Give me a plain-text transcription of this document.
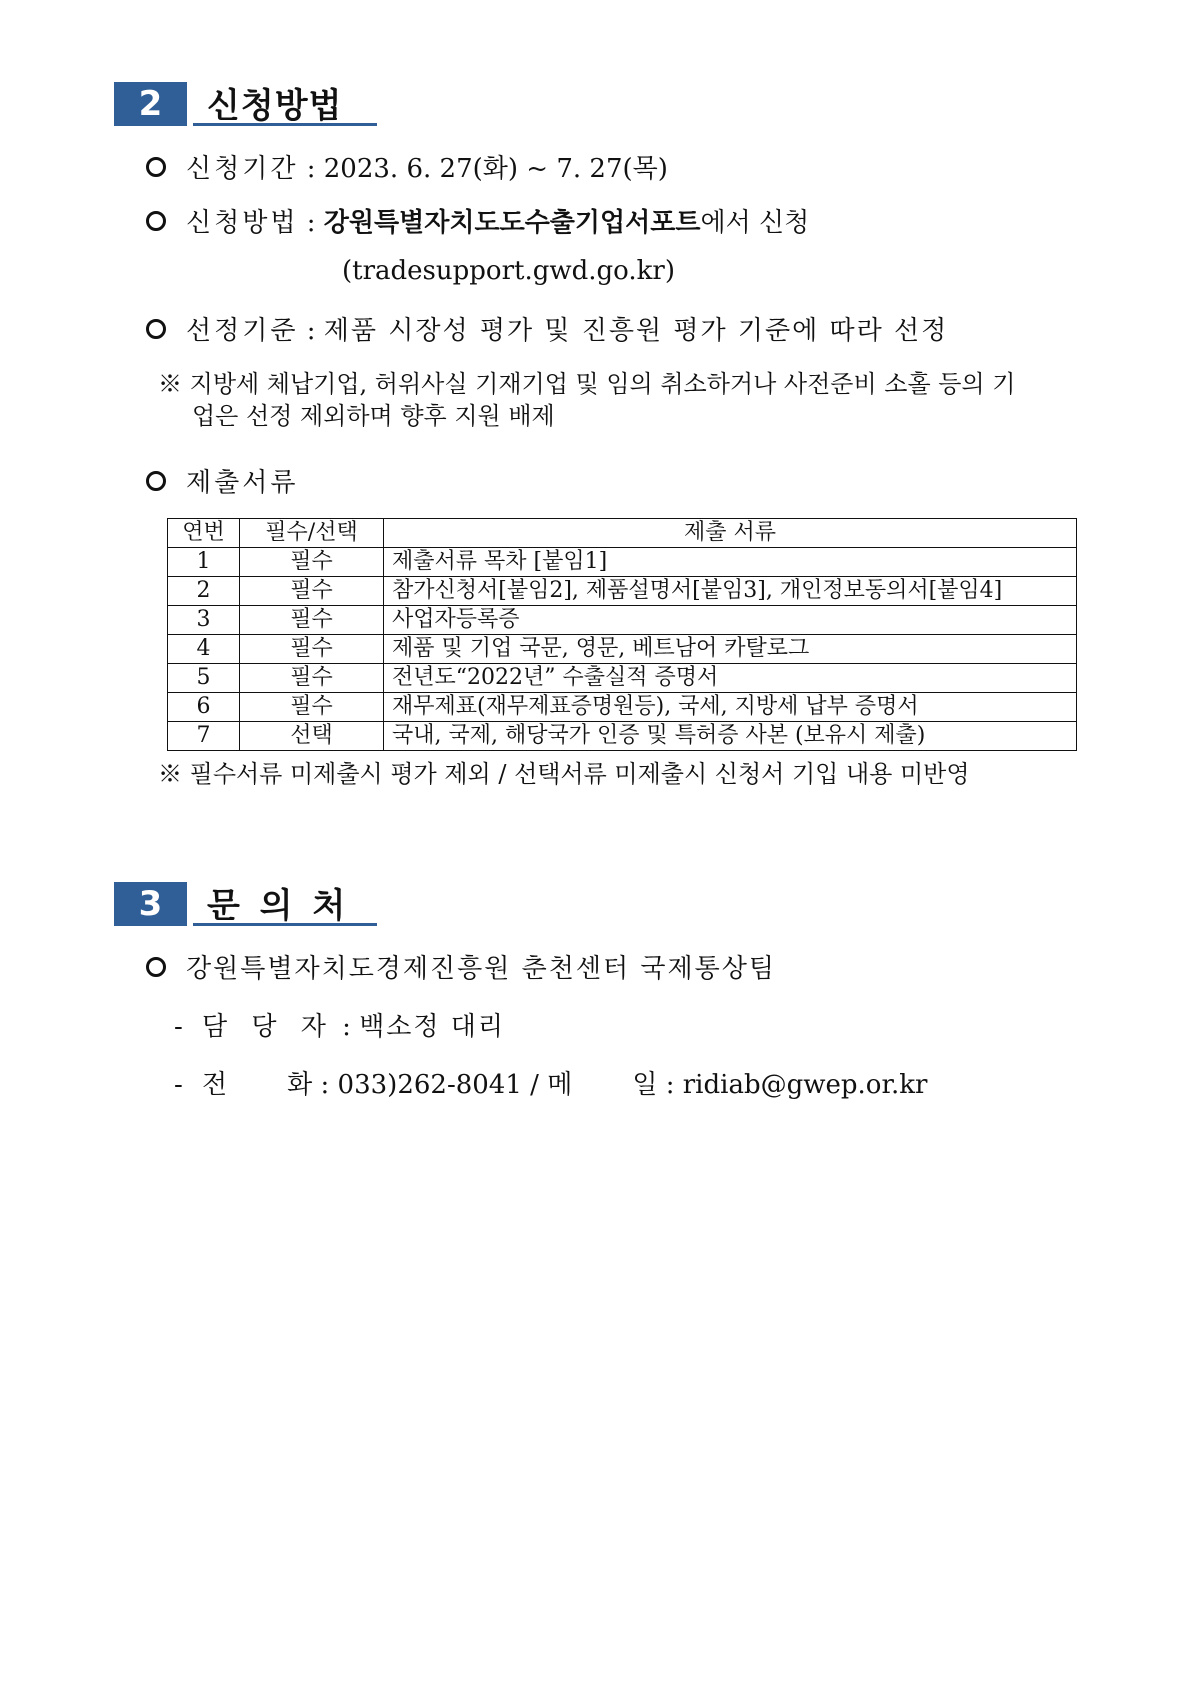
2	신청방법
신청기간 : 2023. 6. 27(화) ~ 7. 27(목)
신청방법 : 강원특별자치도도수출기업서포트에서 신청
(tradesupport.gwd.go.kr)
선정기준 : 제품 시장성 평가 및 진흥원 평가 기준에 따라 선정
※ 지방세 체납기업, 허위사실 기재기업 및 임의 취소하거나 사전준비 소홀 등의 기
업은 선정 제외하며 향후 지원 배제
제출서류
연번	필수/선택	제출 서류
1	필수	제출서류 목차 [붙임1]
2	필수	참가신청서[붙임2], 제품설명서[붙임3], 개인정보동의서[붙임4]
3	필수	사업자등록증
4	필수	제품 및 기업 국문, 영문, 베트남어 카탈로그
5	필수	전년도“2022년” 수출실적 증명서
6	필수	재무제표(재무제표증명원등), 국세, 지방세 납부 증명서
7	선택	국내, 국제, 해당국가 인증 및 특허증 사본 (보유시 제출)
※ 필수서류 미제출시 평가 제외 / 선택서류 미제출시 신청서 기입 내용 미반영
3	문 의 처
강원특별자치도경제진흥원 춘천센터 국제통상팀
- 담 당 자 : 백소정 대리
- 전 화 : 033)262-8041 / 메 일 : ridiab@gwep.or.kr
